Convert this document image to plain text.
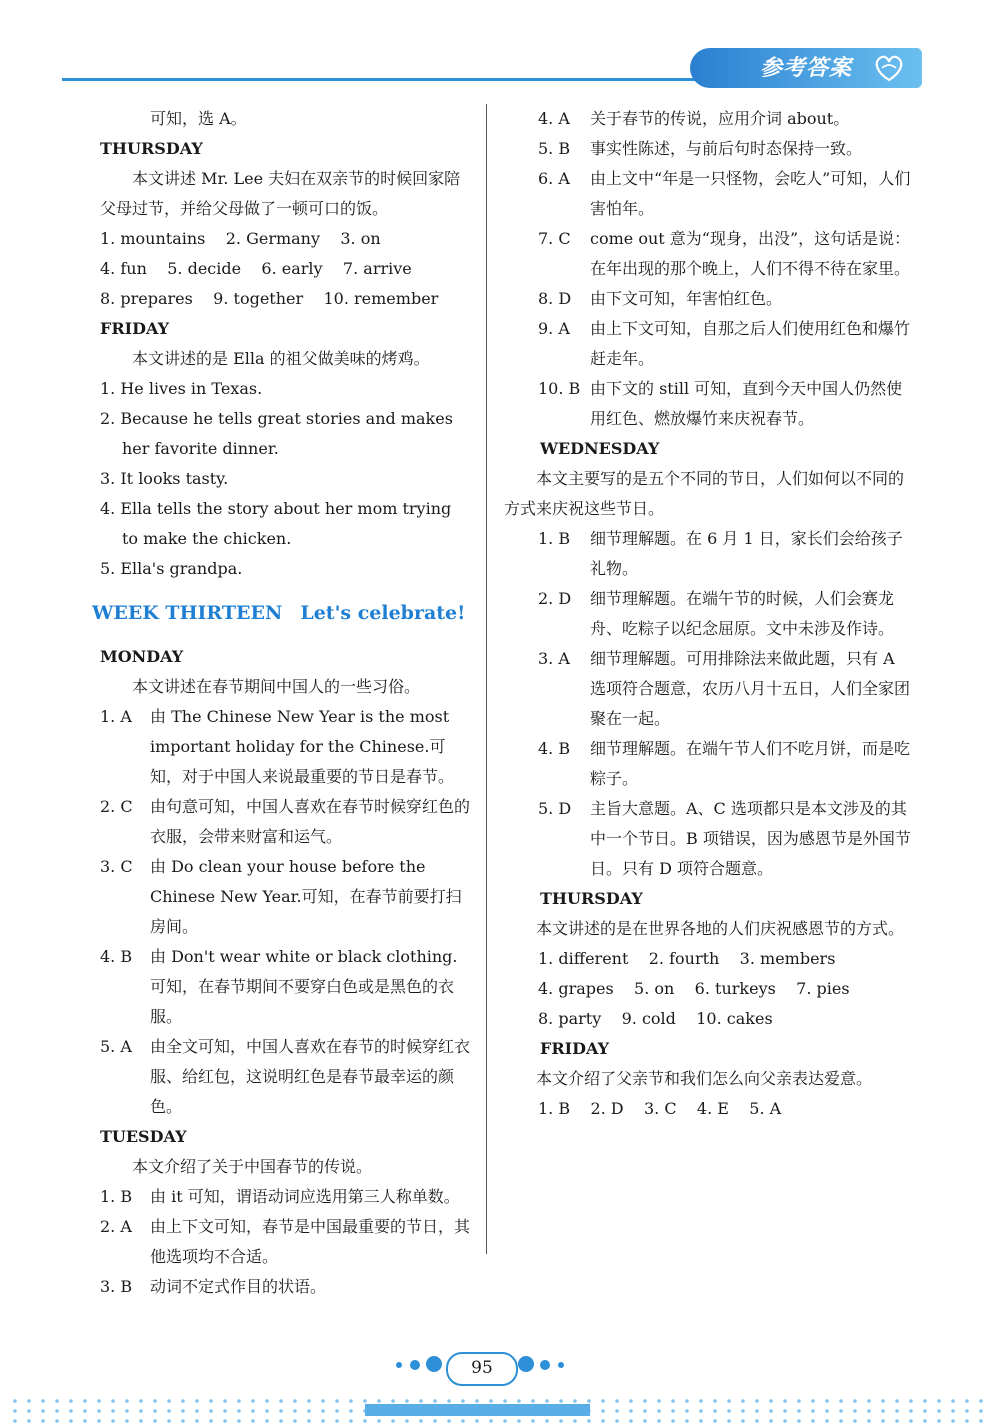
参考答案

可知，选 A。

THURSDAY

本文讲述 Mr. Lee 夫妇在双亲节的时候回家陪父母过节，并给父母做了一顿可口的饭。

1. mountains    2. Germany    3. on

4. fun    5. decide    6. early    7. arrive

8. prepares    9. together    10. remember

FRIDAY

本文讲述的是 Ella 的祖父做美味的烤鸡。

1. He lives in Texas.

2. Because he tells great stories and makes her favorite dinner.

3. It looks tasty.

4. Ella tells the story about her mom trying to make the chicken.

5. Ella's grandpa.

WEEK THIRTEEN Let's celebrate!

MONDAY

本文讲述在春节期间中国人的一些习俗。

1. A	由 The Chinese New Year is the most important holiday for the Chinese.可知，对于中国人来说最重要的节日是春节。
2. C	由句意可知，中国人喜欢在春节时候穿红色的衣服，会带来财富和运气。
3. C	由 Do clean your house before the Chinese New Year.可知，在春节前要打扫房间。
4. B	由 Don't wear white or black clothing.可知，在春节期间不要穿白色或是黑色的衣服。
5. A	由全文可知，中国人喜欢在春节的时候穿红衣服、给红包，这说明红色是春节最幸运的颜色。

TUESDAY

本文介绍了关于中国春节的传说。

1. B	由 it 可知，谓语动词应选用第三人称单数。
2. A	由上下文可知，春节是中国最重要的节日，其他选项均不合适。
3. B	动词不定式作目的状语。
4. A	关于春节的传说，应用介词 about。
5. B	事实性陈述，与前后句时态保持一致。
6. A	由上文中“年是一只怪物，会吃人”可知，人们害怕年。
7. C	come out 意为“现身，出没”，这句话是说：在年出现的那个晚上，人们不得不待在家里。
8. D	由下文可知，年害怕红色。
9. A	由上下文可知，自那之后人们使用红色和爆竹赶走年。
10. B 由下文的 still 可知，直到今天中国人仍然使用红色、燃放爆竹来庆祝春节。

WEDNESDAY

本文主要写的是五个不同的节日，人们如何以不同的方式来庆祝这些节日。

1. B	细节理解题。在 6 月 1 日，家长们会给孩子礼物。
2. D	细节理解题。在端午节的时候，人们会赛龙舟、吃粽子以纪念屈原。文中未涉及作诗。
3. A	细节理解题。可用排除法来做此题，只有 A 选项符合题意，农历八月十五日，人们全家团聚在一起。
4. B	细节理解题。在端午节人们不吃月饼，而是吃粽子。
5. D	主旨大意题。A、C 选项都只是本文涉及的其中一个节日。B 项错误，因为感恩节是外国节日。只有 D 项符合题意。

THURSDAY

本文讲述的是在世界各地的人们庆祝感恩节的方式。

1. different    2. fourth    3. members

4. grapes    5. on    6. turkeys    7. pies

8. party    9. cold    10. cakes

FRIDAY

本文介绍了父亲节和我们怎么向父亲表达爱意。

1. B    2. D    3. C    4. E    5. A

95
